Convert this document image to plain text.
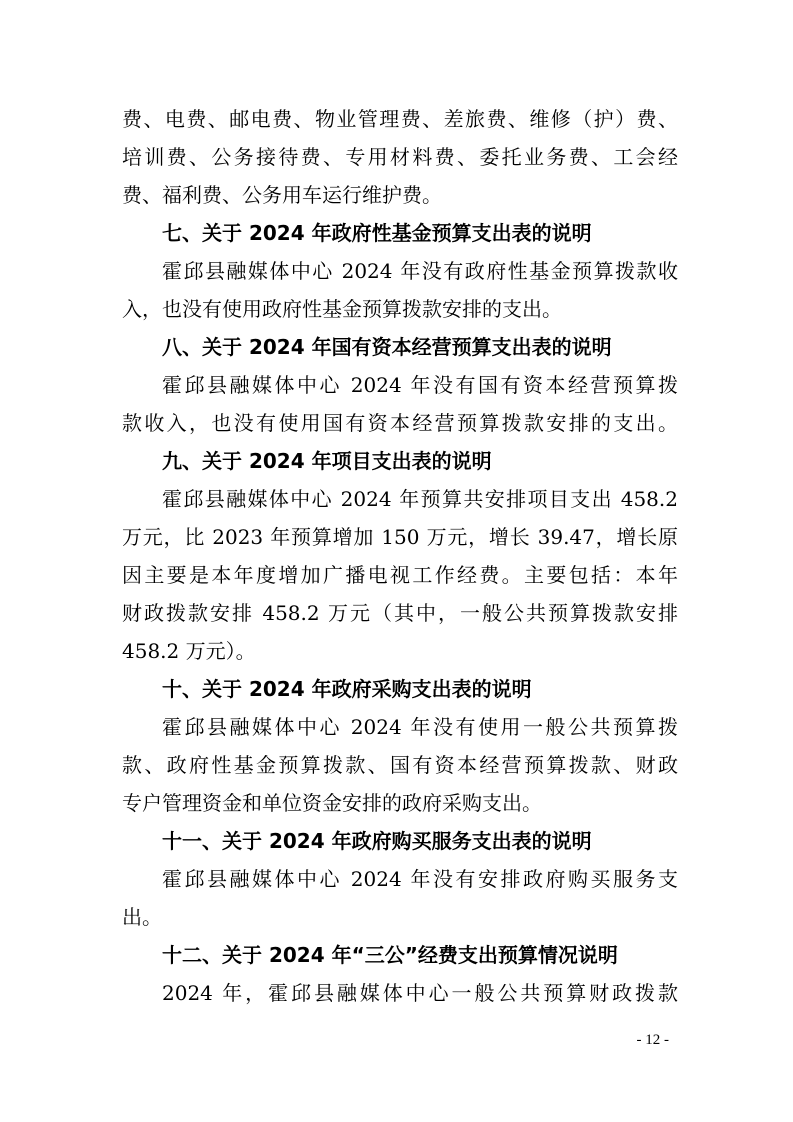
费、电费、邮电费、物业管理费、差旅费、维修（护）费、
培训费、公务接待费、专用材料费、委托业务费、工会经
费、福利费、公务用车运行维护费。
七、关于 2024 年政府性基金预算支出表的说明
霍邱县融媒体中心 2024 年没有政府性基金预算拨款收
入，也没有使用政府性基金预算拨款安排的支出。
八、关于 2024 年国有资本经营预算支出表的说明
霍邱县融媒体中心 2024 年没有国有资本经营预算拨
款收入，也没有使用国有资本经营预算拨款安排的支出。
九、关于 2024 年项目支出表的说明
霍邱县融媒体中心 2024 年预算共安排项目支出 458.2
万元，比 2023 年预算增加 150 万元，增长 39.47，增长原
因主要是本年度增加广播电视工作经费。主要包括：本年
财政拨款安排 458.2 万元（其中，一般公共预算拨款安排
458.2 万元）。
十、关于 2024 年政府采购支出表的说明
霍邱县融媒体中心 2024 年没有使用一般公共预算拨
款、政府性基金预算拨款、国有资本经营预算拨款、财政
专户管理资金和单位资金安排的政府采购支出。
十一、关于 2024 年政府购买服务支出表的说明
霍邱县融媒体中心 2024 年没有安排政府购买服务支
出。
十二、关于 2024 年“三公”经费支出预算情况说明
2024 年，霍邱县融媒体中心一般公共预算财政拨款
- 12 -
